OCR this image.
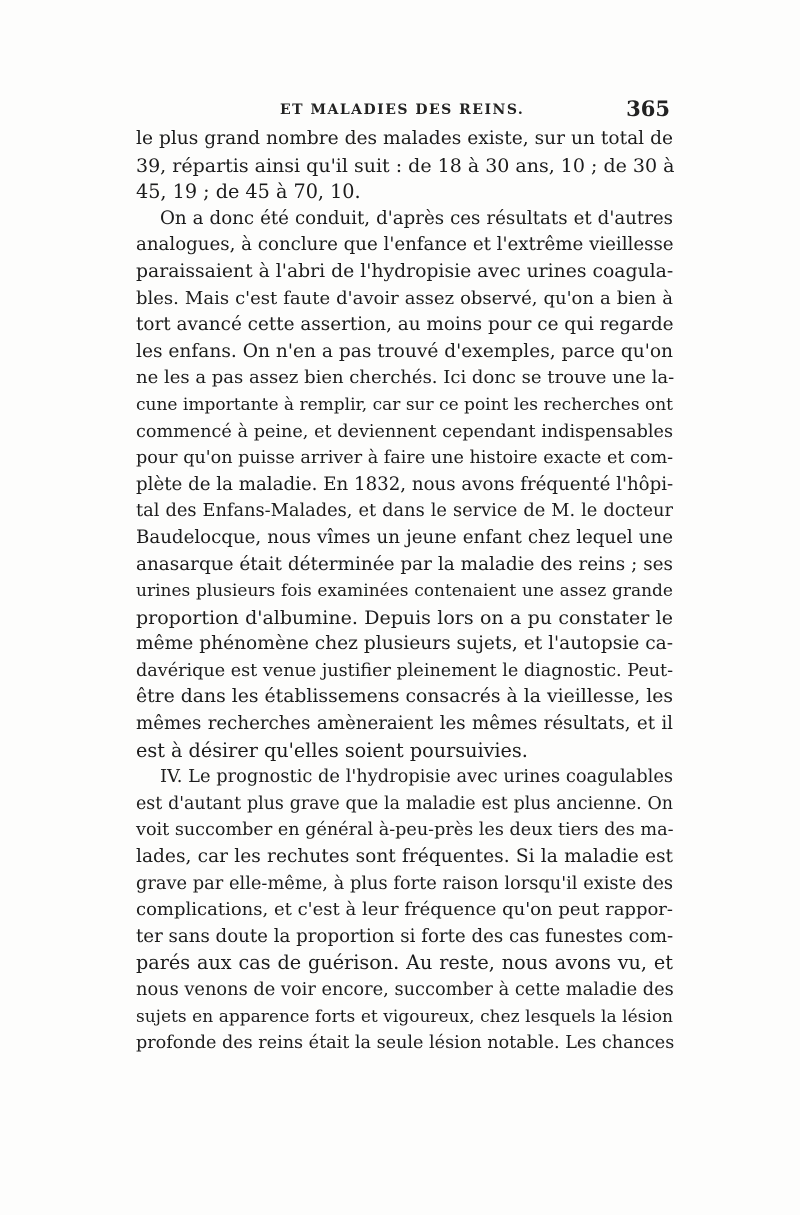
ET MALADIES DES REINS.	365
le plus grand nombre des malades existe, sur un total de
39, répartis ainsi qu'il suit : de 18 à 30 ans, 10 ; de 30 à
45, 19 ; de 45 à 70, 10.
On a donc été conduit, d'après ces résultats et d'autres
analogues, à conclure que l'enfance et l'extrême vieillesse
paraissaient à l'abri de l'hydropisie avec urines coagula-
bles. Mais c'est faute d'avoir assez observé, qu'on a bien à
tort avancé cette assertion, au moins pour ce qui regarde
les enfans. On n'en a pas trouvé d'exemples, parce qu'on
ne les a pas assez bien cherchés. Ici donc se trouve une la-
cune importante à remplir, car sur ce point les recherches ont
commencé à peine, et deviennent cependant indispensables
pour qu'on puisse arriver à faire une histoire exacte et com-
plète de la maladie. En 1832, nous avons fréquenté l'hôpi-
tal des Enfans-Malades, et dans le service de M. le docteur
Baudelocque, nous vîmes un jeune enfant chez lequel une
anasarque était déterminée par la maladie des reins ; ses
urines plusieurs fois examinées contenaient une assez grande
proportion d'albumine. Depuis lors on a pu constater le
même phénomène chez plusieurs sujets, et l'autopsie ca-
davérique est venue justifier pleinement le diagnostic. Peut-
être dans les établissemens consacrés à la vieillesse, les
mêmes recherches amèneraient les mêmes résultats, et il
est à désirer qu'elles soient poursuivies.
IV. Le prognostic de l'hydropisie avec urines coagulables
est d'autant plus grave que la maladie est plus ancienne. On
voit succomber en général à-peu-près les deux tiers des ma-
lades, car les rechutes sont fréquentes. Si la maladie est
grave par elle-même, à plus forte raison lorsqu'il existe des
complications, et c'est à leur fréquence qu'on peut rappor-
ter sans doute la proportion si forte des cas funestes com-
parés aux cas de guérison. Au reste, nous avons vu, et
nous venons de voir encore, succomber à cette maladie des
sujets en apparence forts et vigoureux, chez lesquels la lésion
profonde des reins était la seule lésion notable. Les chances
